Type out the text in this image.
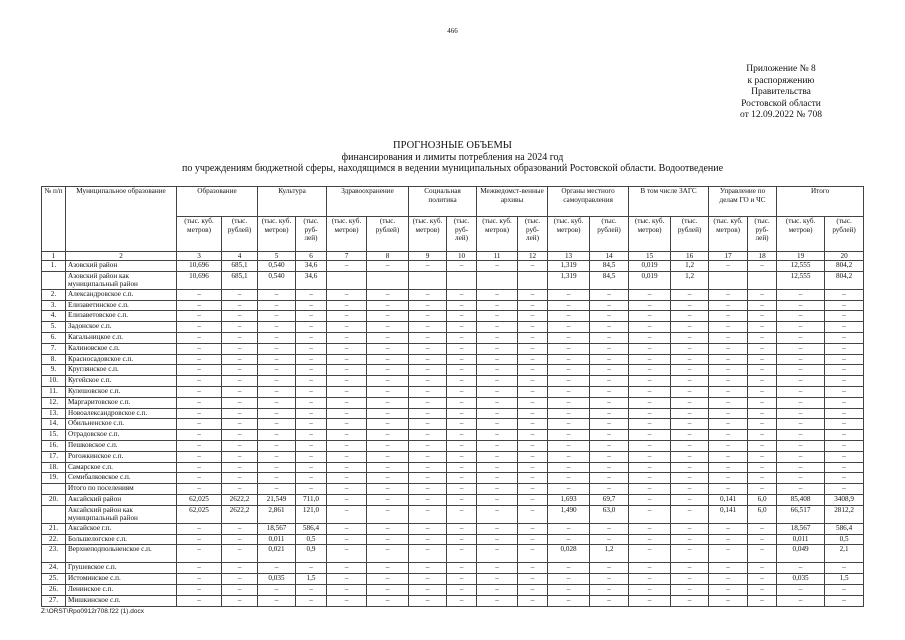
466
Приложение № 8
к распоряжению
Правительства
Ростовской области
от 12.09.2022 № 708
ПРОГНОЗНЫЕ ОБЪЕМЫ
финансирования и лимиты потребления на 2024 год
по учреждениям бюджетной сферы, находящимся в ведении муниципальных образований Ростовской области. Водоотведение
№ п/п	Муниципальное образование	Образование		Культура		Здравоохранение		Социальная политика		Межведомст-венные архивы		Органы местного самоуправления		В том числе ЗАГС		Управление по делам ГО и ЧС		Итого	
		(тыс. куб. метров)	(тыс. рублей)	(тыс. куб. метров)	(тыс. руб-лей)	(тыс. куб. метров)	(тыс. рублей)	(тыс. куб. метров)	(тыс. руб-лей)	(тыс. куб. метров)	(тыс. руб-лей)	(тыс. куб. метров)	(тыс. рублей)	(тыс. куб. метров)	(тыс. рублей)	(тыс. куб. метров)	(тыс. руб-лей)	(тыс. куб. метров)	(тыс. рублей)
1	2	3	4	5	6	7	8	9	10	11	12	13	14	15	16	17	18	19	20
1.	Азовский район	10,696	685,1	0,540	34,6	–	–	–	–	–	–	1,319	84,5	0,019	1,2	–	–	12,555	804,2
	Азовский район как муниципальный район	10,696	685,1	0,540	34,6							1,319	84,5	0,019	1,2			12,555	804,2
2.	Александровское с.п.	–	–	–	–	–	–	–	–	–	–	–	–	–	–	–	–	–	–
3.	Елизаветинское с.п.	–	–	–	–	–	–	–	–	–	–	–	–	–	–	–	–	–	–
4.	Елизаветовское с.п.	–	–	–	–	–	–	–	–	–	–	–	–	–	–	–	–	–	–
5.	Задонское с.п.	–	–	–	–	–	–	–	–	–	–	–	–	–	–	–	–	–	–
6.	Кагальницкое с.п.	–	–	–	–	–	–	–	–	–	–	–	–	–	–	–	–	–	–
7.	Калиновское с.п.	–	–	–	–	–	–	–	–	–	–	–	–	–	–	–	–	–	–
8.	Красносадовское с.п.	–	–	–	–	–	–	–	–	–	–	–	–	–	–	–	–	–	–
9.	Круглянское с.п.	–	–	–	–	–	–	–	–	–	–	–	–	–	–	–	–	–	–
10.	Кугейское с.п.	–	–	–	–	–	–	–	–	–	–	–	–	–	–	–	–	–	–
11.	Кулешовское с.п.	–	–	–	–	–	–	–	–	–	–	–	–	–	–	–	–	–	–
12.	Маргаритовское с.п.	–	–	–	–	–	–	–	–	–	–	–	–	–	–	–	–	–	–
13.	Новоалександровское с.п.	–	–	–	–	–	–	–	–	–	–	–	–	–	–	–	–	–	–
14.	Обильненское с.п.	–	–	–	–	–	–	–	–	–	–	–	–	–	–	–	–	–	–
15.	Отрадовское с.п.	–	–	–	–	–	–	–	–	–	–	–	–	–	–	–	–	–	–
16.	Пешковское с.п.	–	–	–	–	–	–	–	–	–	–	–	–	–	–	–	–	–	–
17.	Рогожкинское с.п.	–	–	–	–	–	–	–	–	–	–	–	–	–	–	–	–	–	–
18.	Самарское с.п.	–	–	–	–	–	–	–	–	–	–	–	–	–	–	–	–	–	–
19.	Семибалковское с.п.	–	–	–	–	–	–	–	–	–	–	–	–	–	–	–	–	–	–
	Итого по поселениям	–	–	–	–	–	–	–	–	–	–	–	–	–	–	–	–	–	–
20.	Аксайский район	62,025	2622,2	21,549	711,0	–	–	–	–	–	–	1,693	69,7	–	–	0,141	6,0	85,408	3408,9
	Аксайский район как муниципальный район	62,025	2622,2	2,861	121,0	–	–	–	–	–	–	1,490	63,0	–	–	0,141	6,0	66,517	2812,2
21.	Аксайское г.п.	–	–	18,567	586,4	–	–	–	–	–	–	–	–	–	–	–	–	18,567	586,4
22.	Большелогское с.п.	–	–	0,011	0,5	–	–	–	–	–	–	–	–	–	–	–	–	0,011	0,5
23.	Верхнеподпольненское с.п.	–	–	0,021	0,9	–	–	–	–	–	–	0,028	1,2	–	–	–	–	0,049	2,1
24.	Грушевское с.п.	–	–	–	–	–	–	–	–	–	–	–	–	–	–	–	–	–	–
25.	Истоминское с.п.	–	–	0,035	1,5	–	–	–	–	–	–	–	–	–	–	–	–	0,035	1,5
26.	Ленинское с.п.	–	–	–	–	–	–	–	–	–	–	–	–	–	–	–	–	–	–
27.	Мишкинское с.п.	–	–	–	–	–	–	–	–	–	–	–	–	–	–	–	–	–	–
Z:\ORST\Rpo0912r708.f22 (1).docx
